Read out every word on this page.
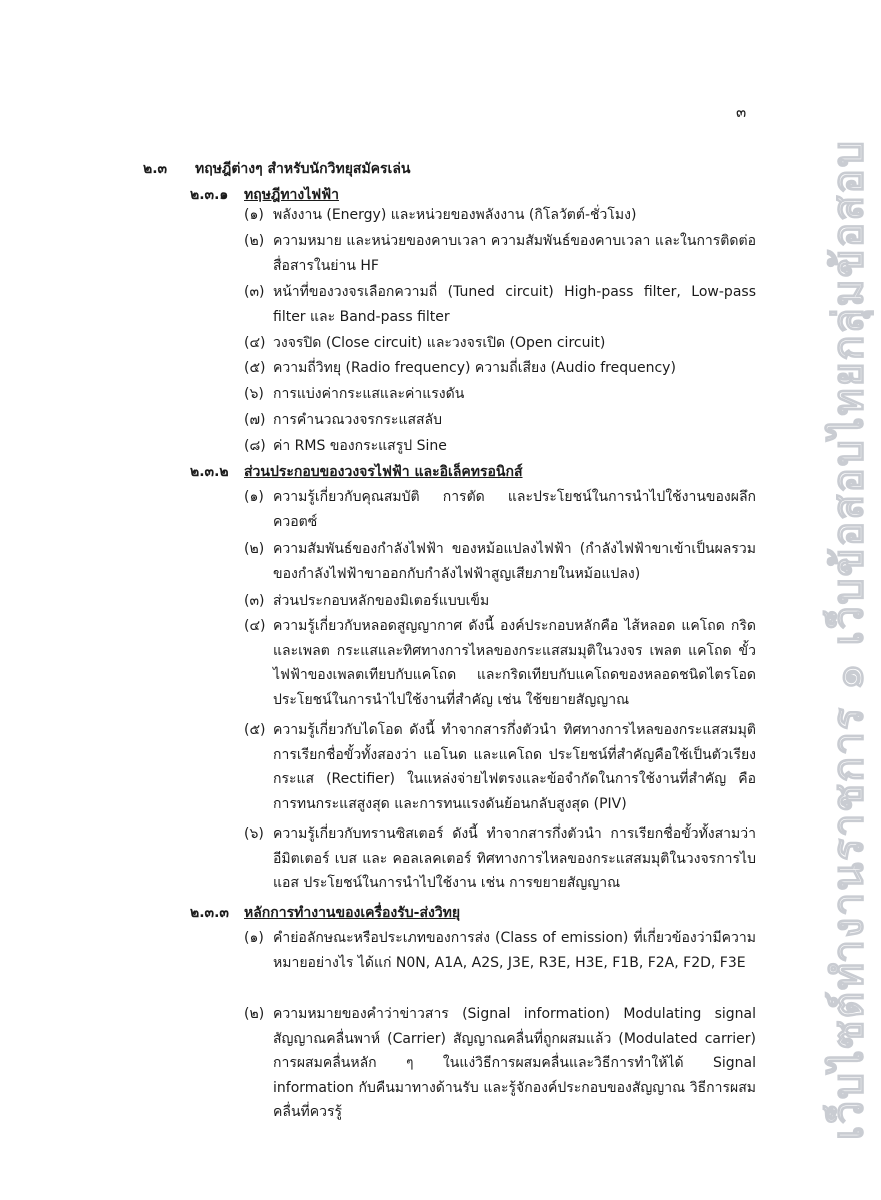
๓
๒.๓ ทฤษฎีต่างๆ สำหรับนักวิทยุสมัครเล่น
๒.๓.๑ ทฤษฎีทางไฟฟ้า
(๑) พลังงาน (Energy) และหน่วยของพลังงาน (กิโลวัตต์-ชั่วโมง)
(๒) ความหมาย และหน่วยของคาบเวลา ความสัมพันธ์ของคาบเวลา และในการติดต่อสื่อสารในย่าน HF
(๓) หน้าที่ของวงจรเลือกความถี่ (Tuned circuit) High-pass filter, Low-pass filter และ Band-pass filter
(๔) วงจรปิด (Close circuit) และวงจรเปิด (Open circuit)
(๕) ความถี่วิทยุ (Radio frequency) ความถี่เสียง (Audio frequency)
(๖) การแบ่งค่ากระแสและค่าแรงดัน
(๗) การคำนวณวงจรกระแสสลับ
(๘) ค่า RMS ของกระแสรูป Sine
๒.๓.๒ ส่วนประกอบของวงจรไฟฟ้า และอิเล็คทรอนิกส์
(๑) ความรู้เกี่ยวกับคุณสมบัติ การตัด และประโยชน์ในการนำไปใช้งานของผลึกควอตซ์
(๒) ความสัมพันธ์ของกำลังไฟฟ้า ของหม้อแปลงไฟฟ้า (กำลังไฟฟ้าขาเข้าเป็นผลรวมของกำลังไฟฟ้าขาออกกับกำลังไฟฟ้าสูญเสียภายในหม้อแปลง)
(๓) ส่วนประกอบหลักของมิเตอร์แบบเข็ม
(๔) ความรู้เกี่ยวกับหลอดสูญญากาศ ดังนี้ องค์ประกอบหลักคือ ไส้หลอด แคโถด กริด และเพลต กระแสและทิศทางการไหลของกระแสสมมุติในวงจร เพลต แคโถด ขั้วไฟฟ้าของเพลตเทียบกับแคโถด และกริดเทียบกับแคโถดของหลอดชนิดไตรโอด ประโยชน์ในการนำไปใช้งานที่สำคัญ เช่น ใช้ขยายสัญญาณ
(๕) ความรู้เกี่ยวกับไดโอด ดังนี้ ทำจากสารกึ่งตัวนำ ทิศทางการไหลของกระแสสมมุติ การเรียกชื่อขั้วทั้งสองว่า แอโนด และแคโถด ประโยชน์ที่สำคัญคือใช้เป็นตัวเรียงกระแส (Rectifier) ในแหล่งจ่ายไฟตรงและข้อจำกัดในการใช้งานที่สำคัญ คือ การทนกระแสสูงสุด และการทนแรงดันย้อนกลับสูงสุด (PIV)
(๖) ความรู้เกี่ยวกับทรานซิสเตอร์ ดังนี้ ทำจากสารกึ่งตัวนำ การเรียกชื่อขั้วทั้งสามว่า อีมิตเตอร์ เบส และ คอลเลคเตอร์ ทิศทางการไหลของกระแสสมมุติในวงจรการไบแอส ประโยชน์ในการนำไปใช้งาน เช่น การขยายสัญญาณ
๒.๓.๓ หลักการทำงานของเครื่องรับ-ส่งวิทยุ
(๑) คำย่อลักษณะหรือประเภทของการส่ง (Class of emission) ที่เกี่ยวข้องว่ามีความหมายอย่างไร ได้แก่ N0N, A1A, A2S, J3E, R3E, H3E, F1B, F2A, F2D, F3E
(๒) ความหมายของคำว่าข่าวสาร (Signal information) Modulating signal สัญญาณคลื่นพาห์ (Carrier) สัญญาณคลื่นที่ถูกผสมแล้ว (Modulated carrier) การผสมคลื่นหลัก ๆ ในแง่วิธีการผสมคลื่นและวิธีการทำให้ได้ Signal information กับคืนมาทางด้านรับ และรู้จักองค์ประกอบของสัญญาณ วิธีการผสมคลื่นที่ควรรู้	เว็บไซต์ทำงานราชการ ๑ เว็บข้อสอบไทยกลุ่มข้อสอบ
